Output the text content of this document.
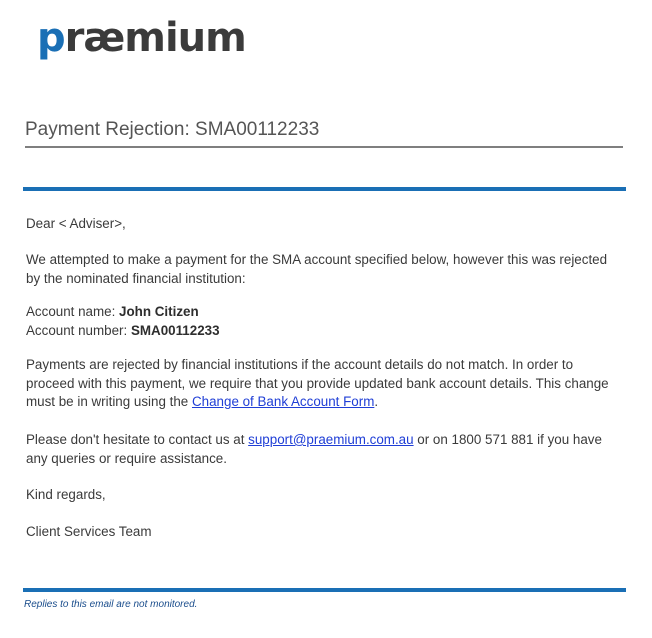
præmium
Payment Rejection: SMA00112233

Dear < Adviser>,

We attempted to make a payment for the SMA account specified below, however this was rejected by the nominated financial institution:

Account name: John Citizen

Account number: SMA00112233

Payments are rejected by financial institutions if the account details do not match. In order to proceed with this payment, we require that you provide updated bank account details. This change must be in writing using the Change of Bank Account Form.

Please don't hesitate to contact us at support@praemium.com.au or on 1800 571 881 if you have any queries or require assistance.

Kind regards,

Client Services Team

Replies to this email are not monitored.
